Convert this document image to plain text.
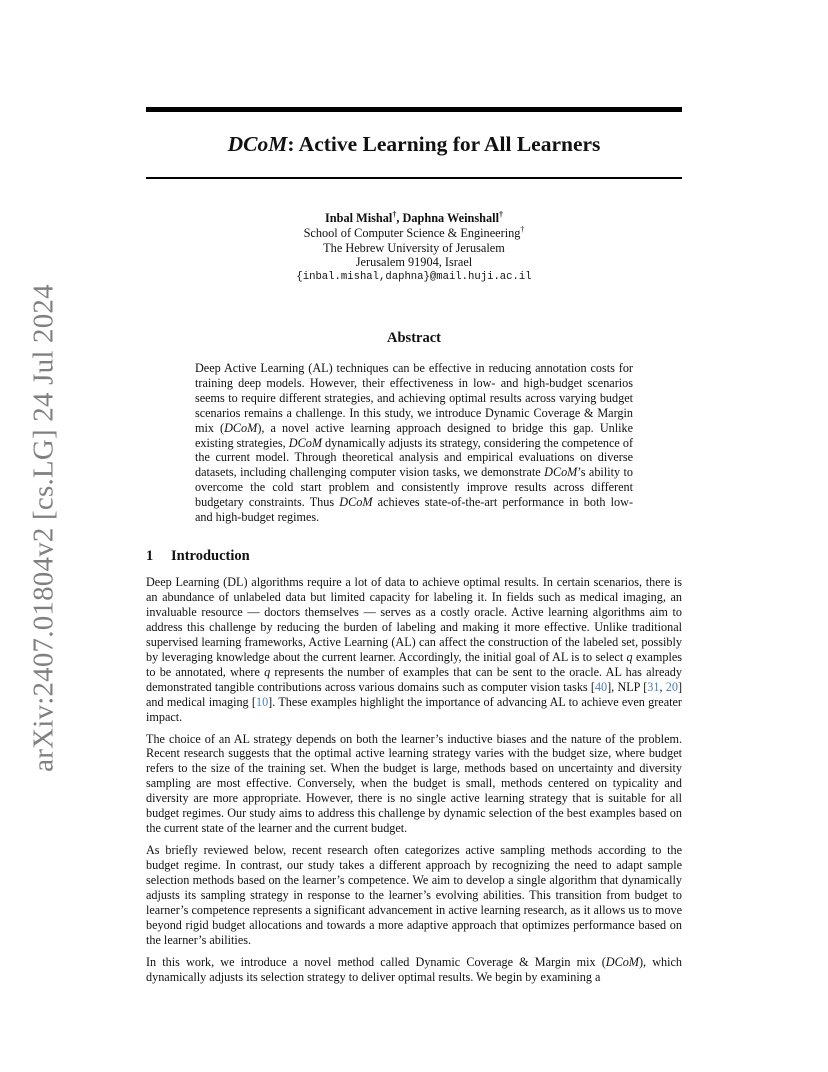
arXiv:2407.01804v2 [cs.LG] 24 Jul 2024
DCoM: Active Learning for All Learners
Inbal Mishal†, Daphna Weinshall†
School of Computer Science & Engineering†
The Hebrew University of Jerusalem
Jerusalem 91904, Israel
{inbal.mishal,daphna}@mail.huji.ac.il
Abstract
Deep Active Learning (AL) techniques can be effective in reducing annotation costs for training deep models. However, their effectiveness in low- and high-budget scenarios seems to require different strategies, and achieving optimal results across varying budget scenarios remains a challenge. In this study, we introduce Dynamic Coverage & Margin mix (DCoM), a novel active learning approach designed to bridge this gap. Unlike existing strategies, DCoM dynamically adjusts its strategy, considering the competence of the current model. Through theoretical analysis and empirical evaluations on diverse datasets, including challenging computer vision tasks, we demonstrate DCoM’s ability to overcome the cold start problem and consistently improve results across different budgetary constraints. Thus DCoM achieves state-of-the-art performance in both low- and high-budget regimes.
1 Introduction

Deep Learning (DL) algorithms require a lot of data to achieve optimal results. In certain scenarios, there is an abundance of unlabeled data but limited capacity for labeling it. In fields such as medical imaging, an invaluable resource — doctors themselves — serves as a costly oracle. Active learning algorithms aim to address this challenge by reducing the burden of labeling and making it more effective. Unlike traditional supervised learning frameworks, Active Learning (AL) can affect the construction of the labeled set, possibly by leveraging knowledge about the current learner. Accordingly, the initial goal of AL is to select q examples to be annotated, where q represents the number of examples that can be sent to the oracle. AL has already demonstrated tangible contributions across various domains such as computer vision tasks [40], NLP [31, 20] and medical imaging [10]. These examples highlight the importance of advancing AL to achieve even greater impact.

The choice of an AL strategy depends on both the learner’s inductive biases and the nature of the problem. Recent research suggests that the optimal active learning strategy varies with the budget size, where budget refers to the size of the training set. When the budget is large, methods based on uncertainty and diversity sampling are most effective. Conversely, when the budget is small, methods centered on typicality and diversity are more appropriate. However, there is no single active learning strategy that is suitable for all budget regimes. Our study aims to address this challenge by dynamic selection of the best examples based on the current state of the learner and the current budget.

As briefly reviewed below, recent research often categorizes active sampling methods according to the budget regime. In contrast, our study takes a different approach by recognizing the need to adapt sample selection methods based on the learner’s competence. We aim to develop a single algorithm that dynamically adjusts its sampling strategy in response to the learner’s evolving abilities. This transition from budget to learner’s competence represents a significant advancement in active learning research, as it allows us to move beyond rigid budget allocations and towards a more adaptive approach that optimizes performance based on the learner’s abilities.

In this work, we introduce a novel method called Dynamic Coverage & Margin mix (DCoM), which dynamically adjusts its selection strategy to deliver optimal results. We begin by examining a
